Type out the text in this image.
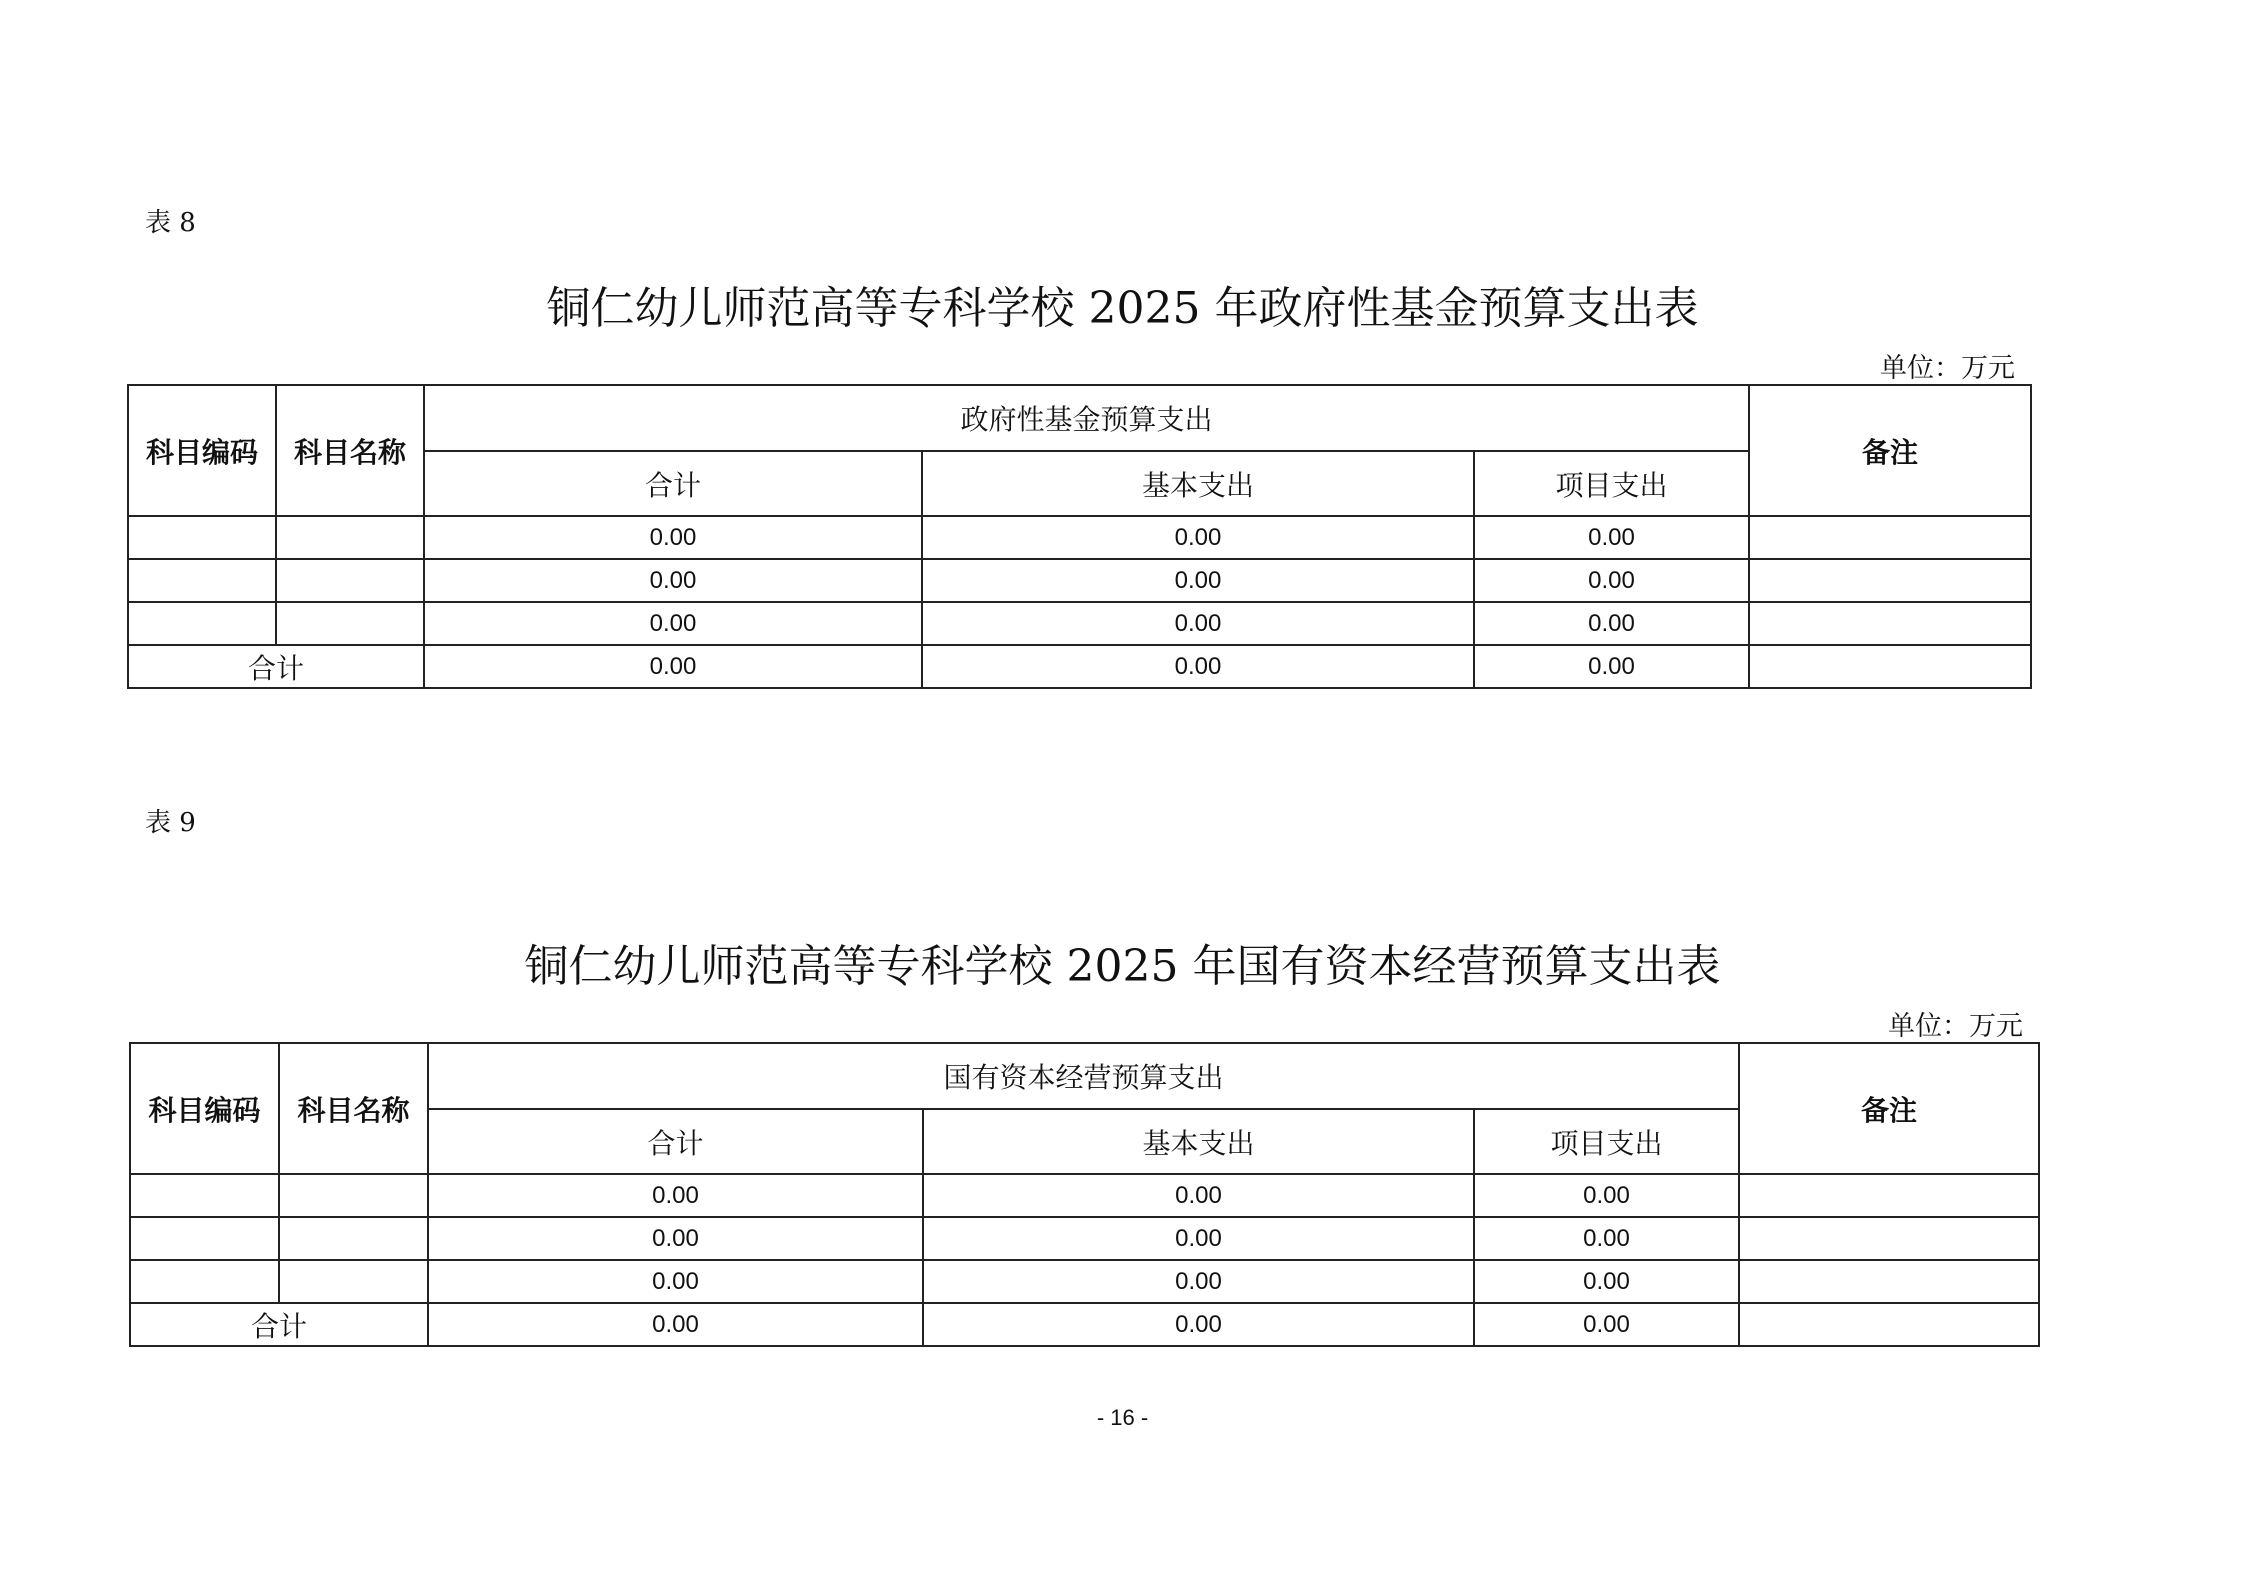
表 8
铜仁幼儿师范高等专科学校 2025 年政府性基金预算支出表
单位：万元
科目编码	科目名称	政府性基金预算支出			备注
		合计	基本支出	项目支出	
		0.00	0.00	0.00	
		0.00	0.00	0.00	
		0.00	0.00	0.00	
合计		0.00	0.00	0.00	
表 9
铜仁幼儿师范高等专科学校 2025 年国有资本经营预算支出表
单位：万元
科目编码	科目名称	国有资本经营预算支出			备注
		合计	基本支出	项目支出	
		0.00	0.00	0.00	
		0.00	0.00	0.00	
		0.00	0.00	0.00	
合计		0.00	0.00	0.00	
- 16 -
